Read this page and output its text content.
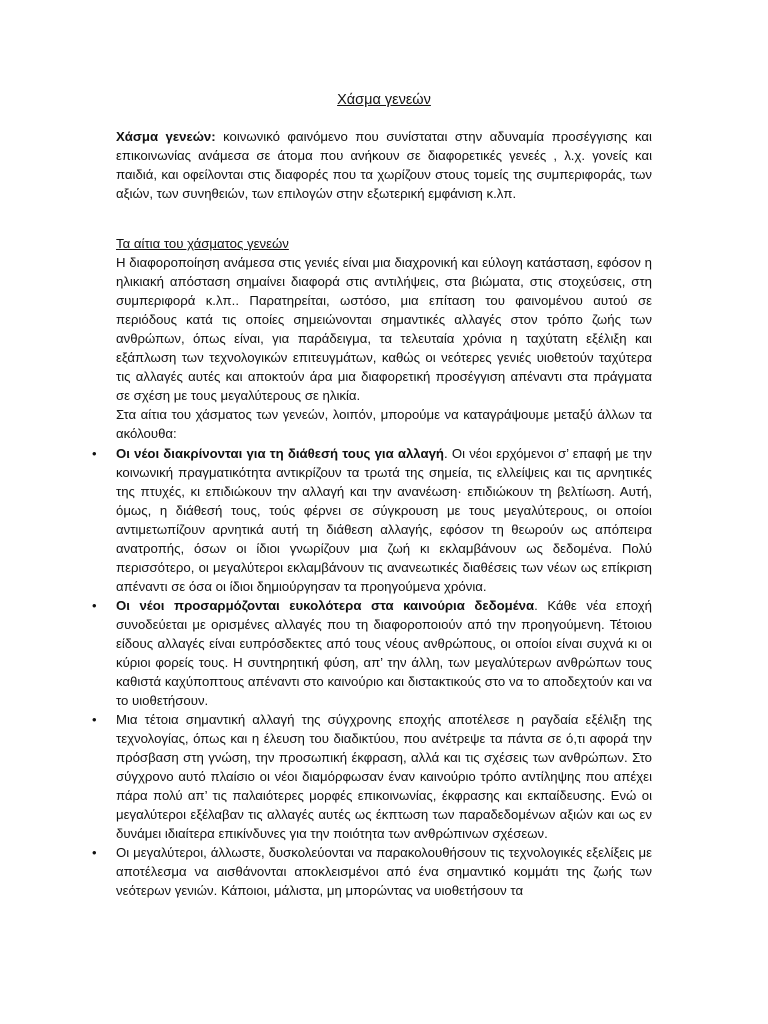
Χάσμα γενεών

Χάσμα γενεών: κοινωνικό φαινόμενο που συνίσταται στην αδυναμία προσέγγισης και επικοινωνίας ανάμεσα σε άτομα που ανήκουν σε διαφορετικές γενεές , λ.χ. γονείς και παιδιά, και οφείλονται στις διαφορές που τα χωρίζουν στους τομείς της συμπεριφοράς, των αξιών, των συνηθειών, των επιλογών στην εξωτερική εμφάνιση κ.λπ.

Τα αίτια του χάσματος γενεών

Η διαφοροποίηση ανάμεσα στις γενιές είναι μια διαχρονική και εύλογη κατάσταση, εφόσον η ηλικιακή απόσταση σημαίνει διαφορά στις αντιλήψεις, στα βιώματα, στις στοχεύσεις, στη συμπεριφορά κ.λπ.. Παρατηρείται, ωστόσο, μια επίταση του φαινομένου αυτού σε περιόδους κατά τις οποίες σημειώνονται σημαντικές αλλαγές στον τρόπο ζωής των ανθρώπων, όπως είναι, για παράδειγμα, τα τελευταία χρόνια η ταχύτατη εξέλιξη και εξάπλωση των τεχνολογικών επιτευγμάτων, καθώς οι νεότερες γενιές υιοθετούν ταχύτερα τις αλλαγές αυτές και αποκτούν άρα μια διαφορετική προσέγγιση απέναντι στα πράγματα σε σχέση με τους μεγαλύτερους σε ηλικία.

Στα αίτια του χάσματος των γενεών, λοιπόν, μπορούμε να καταγράψουμε μεταξύ άλλων τα ακόλουθα:

• Οι νέοι διακρίνονται για τη διάθεσή τους για αλλαγή. Οι νέοι ερχόμενοι σ’ επαφή με την κοινωνική πραγματικότητα αντικρίζουν τα τρωτά της σημεία, τις ελλείψεις και τις αρνητικές της πτυχές, κι επιδιώκουν την αλλαγή και την ανανέωση· επιδιώκουν τη βελτίωση. Αυτή, όμως, η διάθεσή τους, τούς φέρνει σε σύγκρουση με τους μεγαλύτερους, οι οποίοι αντιμετωπίζουν αρνητικά αυτή τη διάθεση αλλαγής, εφόσον τη θεωρούν ως απόπειρα ανατροπής, όσων οι ίδιοι γνωρίζουν μια ζωή κι εκλαμβάνουν ως δεδομένα. Πολύ περισσότερο, οι μεγαλύτεροι εκλαμβάνουν τις ανανεωτικές διαθέσεις των νέων ως επίκριση απέναντι σε όσα οι ίδιοι δημιούργησαν τα προηγούμενα χρόνια.
• Οι νέοι προσαρμόζονται ευκολότερα στα καινούρια δεδομένα. Κάθε νέα εποχή συνοδεύεται με ορισμένες αλλαγές που τη διαφοροποιούν από την προηγούμενη. Τέτοιου είδους αλλαγές είναι ευπρόσδεκτες από τους νέους ανθρώπους, οι οποίοι είναι συχνά κι οι κύριοι φορείς τους. Η συντηρητική φύση, απ’ την άλλη, των μεγαλύτερων ανθρώπων τους καθιστά καχύποπτους απέναντι στο καινούριο και διστακτικούς στο να το αποδεχτούν και να το υιοθετήσουν.
• Μια τέτοια σημαντική αλλαγή της σύγχρονης εποχής αποτέλεσε η ραγδαία εξέλιξη της τεχνολογίας, όπως και η έλευση του διαδικτύου, που ανέτρεψε τα πάντα σε ό,τι αφορά την πρόσβαση στη γνώση, την προσωπική έκφραση, αλλά και τις σχέσεις των ανθρώπων. Στο σύγχρονο αυτό πλαίσιο οι νέοι διαμόρφωσαν έναν καινούριο τρόπο αντίληψης που απέχει πάρα πολύ απ’ τις παλαιότερες μορφές επικοινωνίας, έκφρασης και εκπαίδευσης. Ενώ οι μεγαλύτεροι εξέλαβαν τις αλλαγές αυτές ως έκπτωση των παραδεδομένων αξιών και ως εν δυνάμει ιδιαίτερα επικίνδυνες για την ποιότητα των ανθρώπινων σχέσεων.
• Οι μεγαλύτεροι, άλλωστε, δυσκολεύονται να παρακολουθήσουν τις τεχνολογικές εξελίξεις με αποτέλεσμα να αισθάνονται αποκλεισμένοι από ένα σημαντικό κομμάτι της ζωής των νεότερων γενιών. Κάποιοι, μάλιστα, μη μπορώντας να υιοθετήσουν τα
